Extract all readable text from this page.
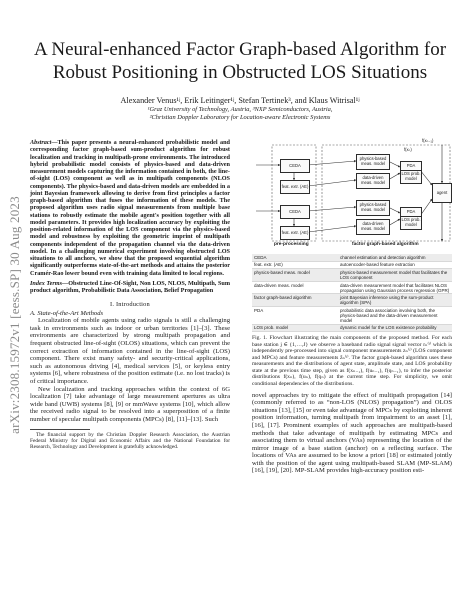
arXiv:2308.15972v1 [eess.SP] 30 Aug 2023
A Neural-enhanced Factor Graph-based Algorithm for Robust Positioning in Obstructed LOS Situations
Alexander Venus¹ʲ, Erik Leitinger¹ʲ, Stefan Tertinek³, and Klaus Witrisal¹ʲ
¹Graz University of Technology, Austria, ³NXP Semiconductors, Austria,
²Christian Doppler Laboratory for Location-aware Electronic Systems
Abstract—This paper presents a neural-enhanced probabilistic model and corresponding factor graph-based sum-product algorithm for robust localization and tracking in multipath-prone environments. The introduced hybrid probabilistic model consists of physics-based and data-driven measurement models capturing the information contained in both, the line-of-sight (LOS) component as well as in multipath components (NLOS components). The physics-based and data-driven models are embedded in a joint Bayesian framework allowing to derive from first principles a factor graph-based algorithm that fuses the information of these models. The proposed algorithm uses radio signal measurements from multiple base stations to robustly estimate the mobile agent's position together with all model parameters. It provides high localization accuracy by exploiting the position-related information of the LOS component via the physics-based model and robustness by exploiting the geometric imprint of multipath components independent of the propagation channel via the data-driven model. In a challenging numerical experiment involving obstructed LOS situations to all anchors, we show that the proposed sequential algorithm significantly outperforms state-of-the-art methods and attains the posterior Cramér-Rao lower bound even with training data limited to local regions.
Index Terms—Obstructed Line-Of-Sight, Non LOS, NLOS, Multipath, Sum product algorithm, Probabilistic Data Association, Belief Propagation
I. Introduction
A. State-of-the-Art Methods
Localization of mobile agents using radio signals is still a challenging task in environments such as indoor or urban territories [1]–[3]. These environments are characterized by strong multipath propagation and frequent obstructed line-of-sight (OLOS) situations, which can prevent the correct extraction of information contained in the line-of-sight (LOS) component. There exist many safety- and security-critical applications, such as autonomous driving [4], medical services [5], or keyless entry systems [6], where robustness of the position estimate (i.e. no lost tracks) is of critical importance.
New localization and tracking approaches within the context of 6G localization [7] take advantage of large measurement apertures as ultra wide band (UWB) systems [8], [9] or mmWave systems [10], which allow the received radio signal to be resolved into a superposition of a finite number of specular multipath components (MPCs) [8], [11]–[13]. Such
The financial support by the Christian Doppler Research Association, the Austrian Federal Ministry for Digital and Economic Affairs and the National Foundation for Research, Technology and Development is gratefully acknowledged.
CEDA
feat. extr. (AE)
CEDA
feat. extr. (AE)
physics-based meas. model
data-driven meas. model
physics-based meas. model
data-driven meas. model
PDA
LOS prob. model
PDA
LOS prob. model
agent
f(xₙ₋₁)
f(xₙ)
pre-processing	factor graph-based algorithm
CEDA	channel estimation and detection algorithm
feat. extr. (AE)	autoencoder-based feature extraction
physics-based meas. model	physics-based measurement model that facilitates the LOS component
data-driven meas. model	data-driven measurement model that facilitates NLOS propagation using Gaussian process regression (GPR)
factor graph-based algorithm	joint Bayesian inference using the sum-product algorithm (SPA)
PDA	probabilistic data association involving both, the physics-based and the data-driven measurement model
LOS prob. model	dynamic model for the LOS existence probability
Fig. 1. Flowchart illustrating the main components of the proposed method. For each base station j ∈ {1,…,J} we observe a baseband radio signal signal vector rₙ⁽ʲ⁾ which is independently pre-processed into signal component measurements zₙ⁽ʲ⁾ (LOS component and MPCs) and feature measurements z̃ₙ⁽ʲ⁾. The factor graph-based algorithm uses these measurements and the distributions of agent state, amplitude state, and LOS probability state at the previous time step, given as f(xₙ₋₁), f(uₙ₋₁), f(qₙ₋₁), to infer the posterior distributions f(xₙ), f(uₙ), f(qₙ) at the current time step. For simplicity, we omit conditional dependencies of the distributions.
novel approaches try to mitigate the effect of multipath propagation [14] (commonly referred to as “non-LOS (NLOS) propagation”) and OLOS situations [13], [15] or even take advantage of MPCs by exploiting inherent position information, turning multipath from impairment to an asset [1], [16], [17]. Prominent examples of such approaches are multipath-based methods that take advantage of multipath by estimating MPCs and associating them to virtual anchors (VAs) representing the location of the mirror image of a base station (anchor) on a reflecting surface. The locations of VAs are assumed to be know a priori [18] or estimated jointly with the position of the agent using multipath-based SLAM (MP-SLAM) [16], [19], [20]. MP-SLAM provides high-accuracy position esti-
